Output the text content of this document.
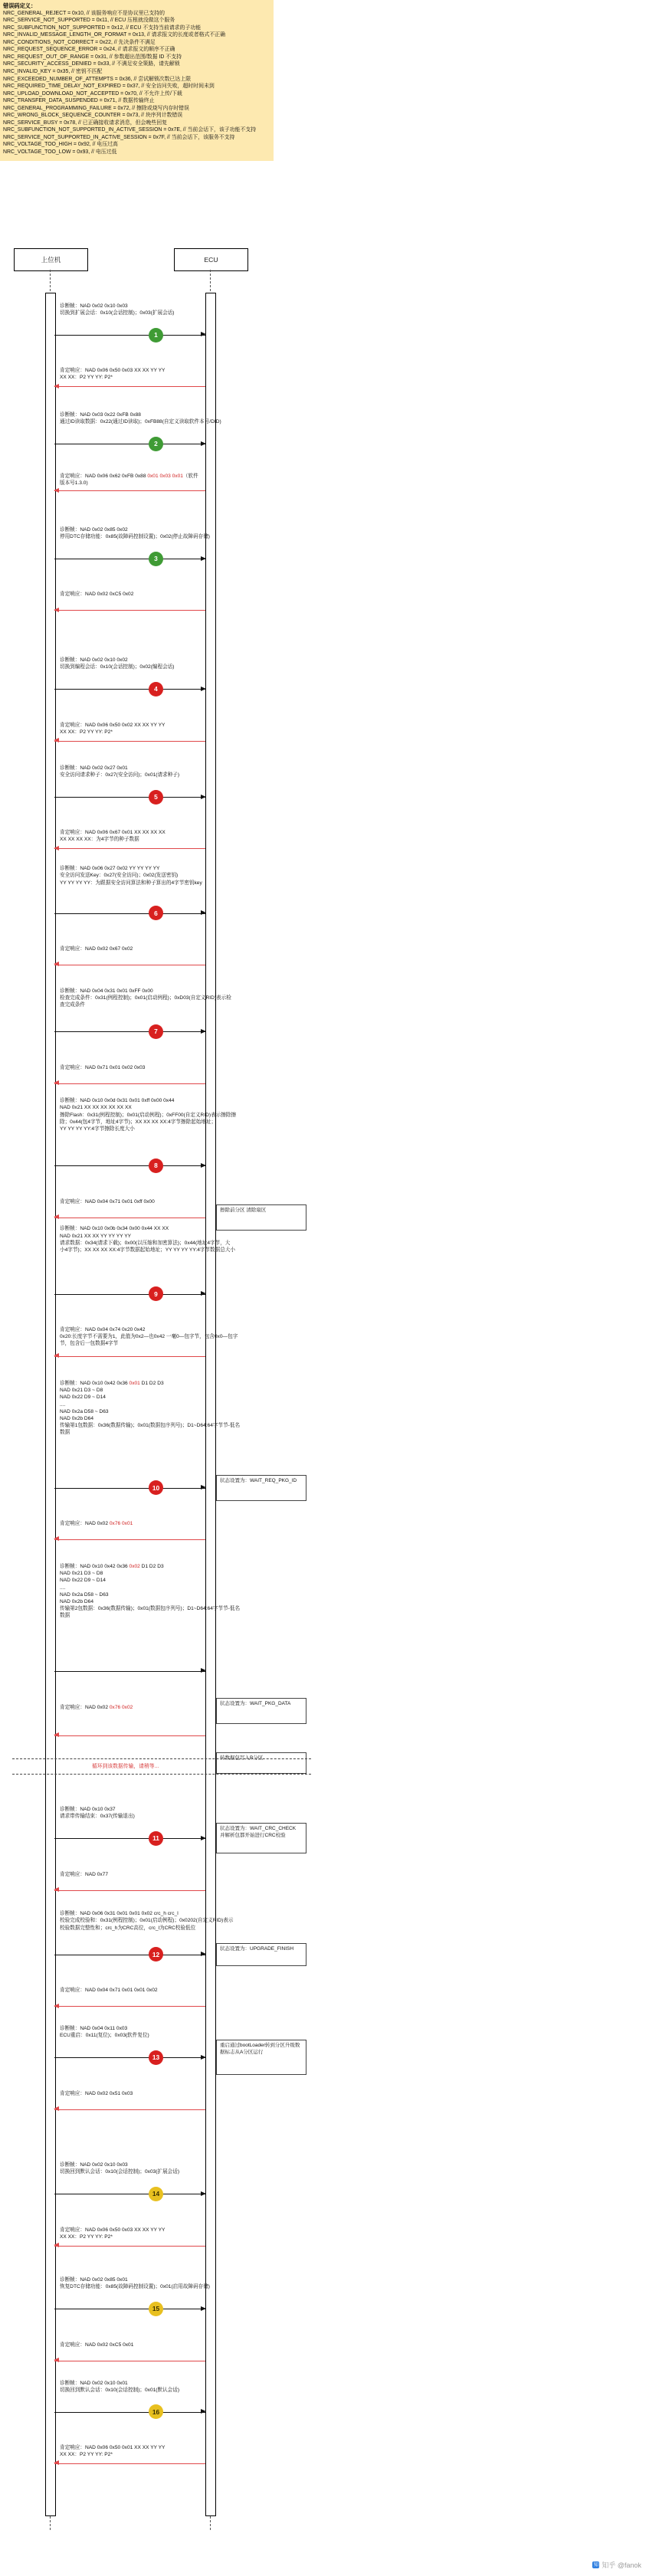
错误码定义：
NRC_GENERAL_REJECT = 0x10, // 该服务响应不是协议里已支持的
NRC_SERVICE_NOT_SUPPORTED = 0x11, // ECU 压根就没做这个服务
NRC_SUBFUNCTION_NOT_SUPPORTED = 0x12, // ECU 不支持当前请求的子功能
NRC_INVALID_MESSAGE_LENGTH_OR_FORMAT = 0x13, // 请求报文的长度或者格式不正确
NRC_CONDITIONS_NOT_CORRECT = 0x22, // 先决条件不满足
NRC_REQUEST_SEQUENCE_ERROR = 0x24, // 请求报文的顺序不正确
NRC_REQUEST_OUT_OF_RANGE = 0x31, // 参数超出范围/数据 ID 不支持
NRC_SECURITY_ACCESS_DENIED = 0x33, // 不满足安全策路，请先解锁
NRC_INVALID_KEY = 0x35, // 密钥不匹配
NRC_EXCEEDED_NUMBER_OF_ATTEMPTS = 0x36, // 尝试解锁次数已达上限
NRC_REQUIRED_TIME_DELAY_NOT_EXPIRED = 0x37, // 安全访问失败，超时时间未到
NRC_UPLOAD_DOWNLOAD_NOT_ACCEPTED = 0x70, // 不允许上传/下载
NRC_TRANSFER_DATA_SUSPENDED = 0x71, // 数据传输终止
NRC_GENERAL_PROGRAMMING_FAILURE = 0x72, // 擦除或烧写内存时错误
NRC_WRONG_BLOCK_SEQUENCE_COUNTER = 0x73, // 块序列计数错误
NRC_SERVICE_BUSY = 0x78, // 已正确接收请求消息，但会晚些回复
NRC_SUBFUNCTION_NOT_SUPPORTED_IN_ACTIVE_SESSION = 0x7E, // 当前会话下，该子功能不支持
NRC_SERVICE_NOT_SUPPORTED_IN_ACTIVE_SESSION = 0x7F, // 当前会话下，该服务不支持
NRC_VOLTAGE_TOO_HIGH = 0x92, // 电压过高
NRC_VOLTAGE_TOO_LOW = 0x93, // 电压过低
上位机	ECU
1
2
3
4
5
6
7
8
9
10
11
12
13
14
15
16
擦除前分区 清除扇区
状态设置为：WAIT_REQ_PKG_ID
状态设置为：WAIT_PKG_DATA
转数据包写入B分区
状态设置为：WAIT_CRC_CHECK
并解析包都开始进行CRC校验
状态设置为：UPGRADE_FINISH
重启通过bootLoader转到分区升级数据标志从A分区运行
循环到该数据传输，请稍等...
知 知乎 @fanok
诊断帧：NAD 0x02 0x10 0x03
切换到扩展会话：0x10(会话控制)；0x03(扩展会话)
肯定响应：NAD 0x06 0x50 0x03 XX XX YY YY
XX XX：P2 YY YY: P2*
诊断帧：NAD 0x03 0x22 0xFB 0x88
通过ID读取数据：0x22(通过ID读取)；0xFB88(自定义读取软件本号/DID)
肯定响应：NAD 0x06 0x62 0xFB 0x88 0x01 0x03 0x01（软件
版本号1.3.0)
诊断帧：NAD 0x02 0x85 0x02
停用DTC存储功能：0x85(故障码控制设置)；0x02(停止故障码存储)
肯定响应：NAD 0x02 0xC5 0x02
诊断帧：NAD 0x02 0x10 0x02
切换到编程会话：0x10(会话控制)；0x02(编程会话)
肯定响应：NAD 0x06 0x50 0x02 XX XX YY YY
XX XX：P2 YY YY: P2*
诊断帧：NAD 0x02 0x27 0x01
安全访问请求种子：0x27(安全访问)；0x01(请求种子)
肯定响应：NAD 0x06 0x67 0x01 XX XX XX XX
XX XX XX XX：为4字节的种子数据
诊断帧：NAD 0x06 0x27 0x02 YY YY YY YY
安全访问发送Key：0x27(安全访问)；0x02(发送密钥)
YY YY YY YY：为跟据安全访问算法和种子算出的4字节密钥key
肯定响应：NAD 0x02 0x67 0x02
诊断帧：NAD 0x04 0x31 0x01 0xFF 0x00
检查完成条件：0x31(例程控制)；0x01(启动例程)；0xD03(自定义RID)表示检
查完成条件
肯定响应：NAD 0x71 0x01 0x02 0x03
诊断帧：NAD 0x10 0x0d 0x31 0x01 0xff 0x00 0x44
NAD 0x21 XX XX XX XX XX XX
擦除Flash：0x31(例程控制)；0x01(启动例程)；0xFF00(自定义RID)表示擦除擦
除；0x44(包4字节，地址4字节)；XX XX XX XX:4字节擦除起始地址；
YY YY YY YY:4字节擦除长度大小
肯定响应：NAD 0x04 0x71 0x01 0xff 0x00
诊断帧：NAD 0x10 0x0b 0x34 0x00 0x44 XX XX
NAD 0x21 XX XX YY YY YY YY
请求数据：0x34(请求下载)；0x00(以压缩和加密算法)；0x44(地址4字节，大
小4字节)；XX XX XX XX:4字节数据起始地址；YY YY YY YY:4字节数据总大小
肯定响应：NAD 0x04 0x74 0x20 0x42
0x20:长度字节不需要为1，此值为0x2—也0x42 一毫0—包字节，包含0x0—包字
节，包含后一包数据4字节
诊断帧：NAD 0x10 0x42 0x36 0x01 D1 D2 D3
NAD 0x21 D3 ~ D8
NAD 0x22 D9 ~ D14
....
NAD 0x2a D58 ~ D63
NAD 0x2b D64
传输第1包数据：0x36(数据传输)；0x01(数据包序列号)；D1~D64:64字节节-低名
数据
肯定响应：NAD 0x02 0x76 0x01
诊断帧：NAD 0x10 0x42 0x36 0x02 D1 D2 D3
NAD 0x21 D3 ~ D8
NAD 0x22 D9 ~ D14
....
NAD 0x2a D58 ~ D63
NAD 0x2b D64
传输第2包数据：0x36(数据传输)；0x01(数据包序列号)；D1~D64:64字节节-低名
数据
肯定响应：NAD 0x02 0x76 0x02
诊断帧：NAD 0x10 0x37
请求带传输结束：0x37(传输退出)
肯定响应：NAD 0x77
诊断帧：NAD 0x06 0x31 0x01 0x01 0x02 crc_h crc_l
校验完成校验和：0x31(例程控制)；0x01(启动例程)；0x0202(自定义RID)表示
校验数据完整性和；crc_h为CRC高位，crc_l为CRC校验低位
肯定响应：NAD 0x04 0x71 0x01 0x01 0x02
诊断帧：NAD 0x04 0x11 0x03
ECU重启：0x11(复位)；0x03(软件复位)
肯定响应：NAD 0x02 0x51 0x03
诊断帧：NAD 0x02 0x10 0x03
切换回到默认会话：0x10(会话控制)；0x03(扩展会话)
肯定响应：NAD 0x06 0x50 0x03 XX XX YY YY
XX XX：P2 YY YY: P2*
诊断帧：NAD 0x02 0x85 0x01
恢复DTC存储功能：0x85(故障码控制设置)；0x01(启用故障码存储)
肯定响应：NAD 0x02 0xC5 0x01
诊断帧：NAD 0x02 0x10 0x01
切换回到默认会话：0x10(会话控制)；0x01(默认会话)
肯定响应：NAD 0x06 0x50 0x01 XX XX YY YY
XX XX：P2 YY YY: P2*
